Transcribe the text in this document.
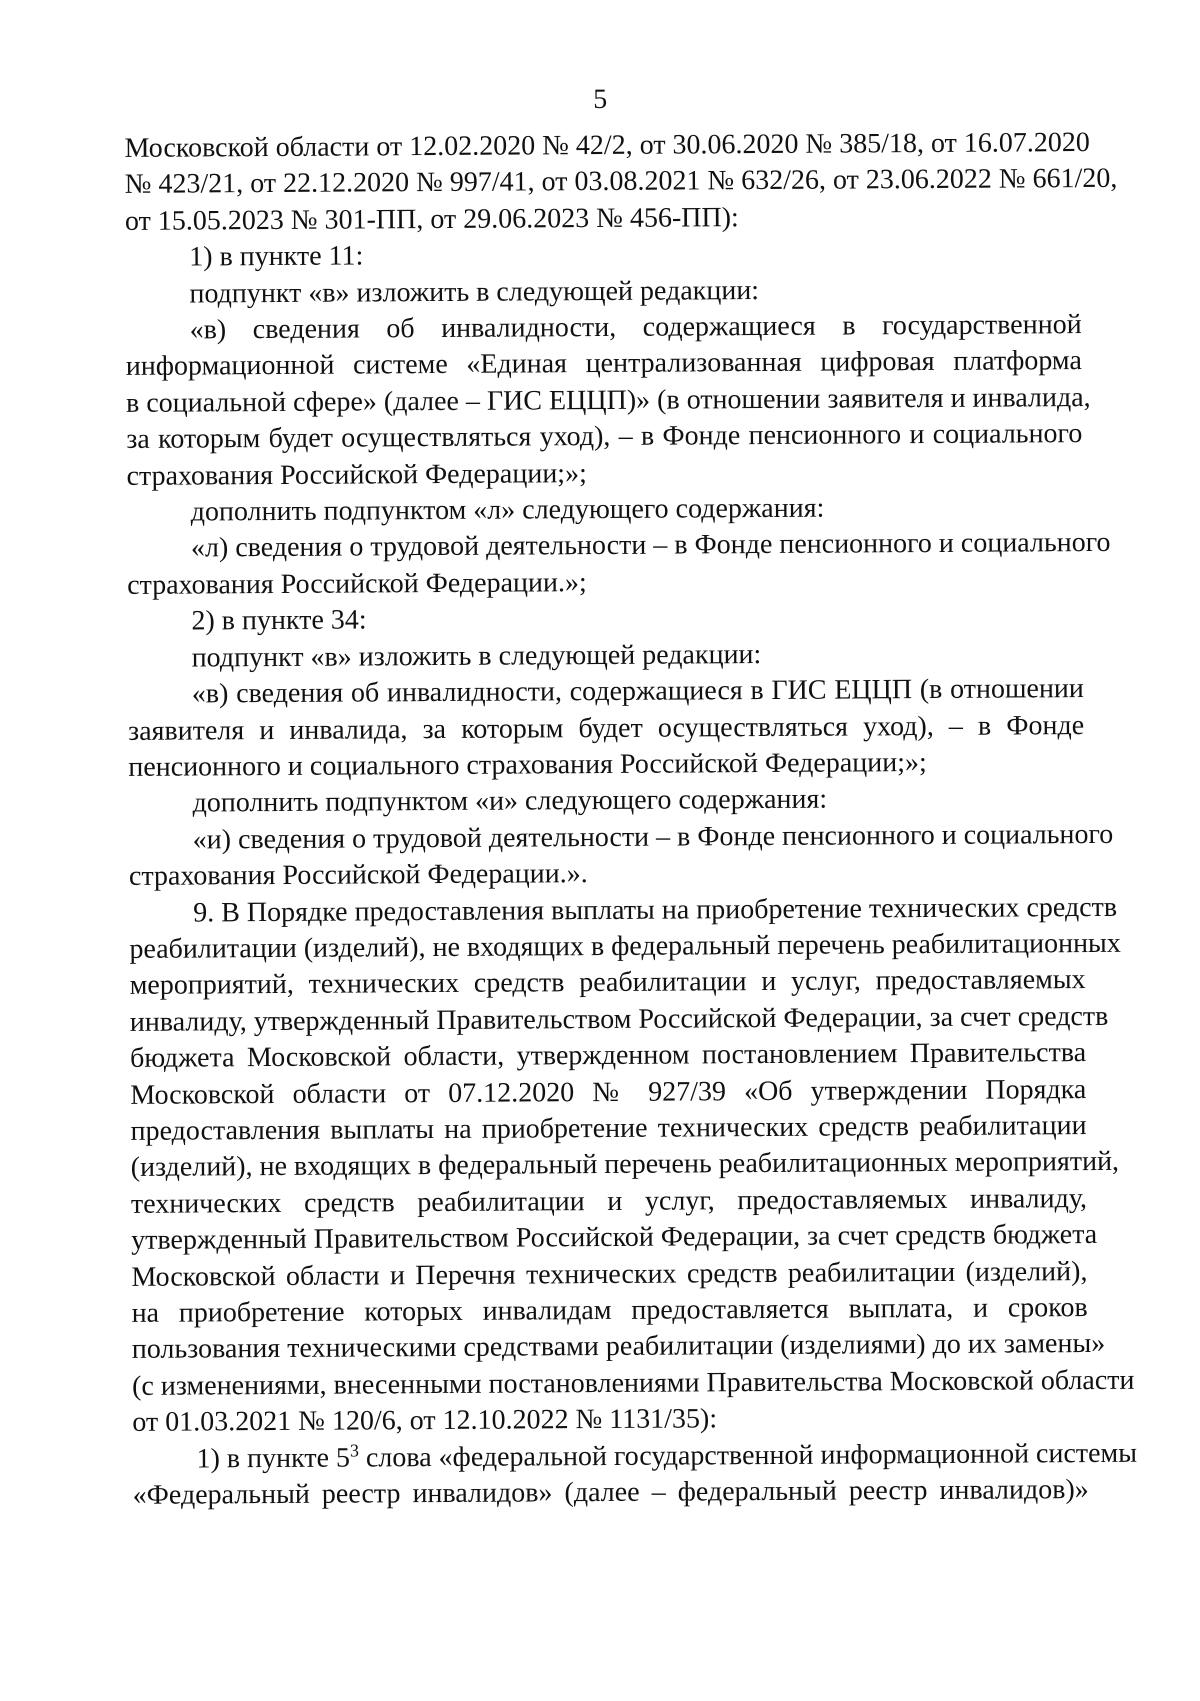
5
Московской области от 12.02.2020 № 42/2, от 30.06.2020 № 385/18, от 16.07.2020
№ 423/21, от 22.12.2020 № 997/41, от 03.08.2021 № 632/26, от 23.06.2022 № 661/20,
от 15.05.2023 № 301-ПП, от 29.06.2023 № 456-ПП):

1) в пункте 11:

подпункт «в» изложить в следующей редакции:

«в) сведения об инвалидности, содержащиеся в государственной
информационной системе «Единая централизованная цифровая платформа
в социальной сфере» (далее – ГИС ЕЦЦП)» (в отношении заявителя и инвалида,
за которым будет осуществляться уход), – в Фонде пенсионного и социального
страхования Российской Федерации;»;

дополнить подпунктом «л» следующего содержания:

«л) сведения о трудовой деятельности – в Фонде пенсионного и социального
страхования Российской Федерации.»;

2) в пункте 34:

подпункт «в» изложить в следующей редакции:

«в) сведения об инвалидности, содержащиеся в ГИС ЕЦЦП (в отношении
заявителя и инвалида, за которым будет осуществляться уход), – в Фонде
пенсионного и социального страхования Российской Федерации;»;

дополнить подпунктом «и» следующего содержания:

«и) сведения о трудовой деятельности – в Фонде пенсионного и социального
страхования Российской Федерации.».
9. В Порядке предоставления выплаты на приобретение технических средств
реабилитации (изделий), не входящих в федеральный перечень реабилитационных
мероприятий, технических средств реабилитации и услуг, предоставляемых
инвалиду, утвержденный Правительством Российской Федерации, за счет средств
бюджета Московской области, утвержденном постановлением Правительства
Московской области от 07.12.2020 № 927/39 «Об утверждении Порядка
предоставления выплаты на приобретение технических средств реабилитации
(изделий), не входящих в федеральный перечень реабилитационных мероприятий,
технических средств реабилитации и услуг, предоставляемых инвалиду,
утвержденный Правительством Российской Федерации, за счет средств бюджета
Московской области и Перечня технических средств реабилитации (изделий),
на приобретение которых инвалидам предоставляется выплата, и сроков
пользования техническими средствами реабилитации (изделиями) до их замены»
(с изменениями, внесенными постановлениями Правительства Московской области
от 01.03.2021 № 120/6, от 12.10.2022 № 1131/35):
1) в пункте $5^3$ слова «федеральной государственной информационной системы
«Федеральный реестр инвалидов» (далее – федеральный реестр инвалидов)»
